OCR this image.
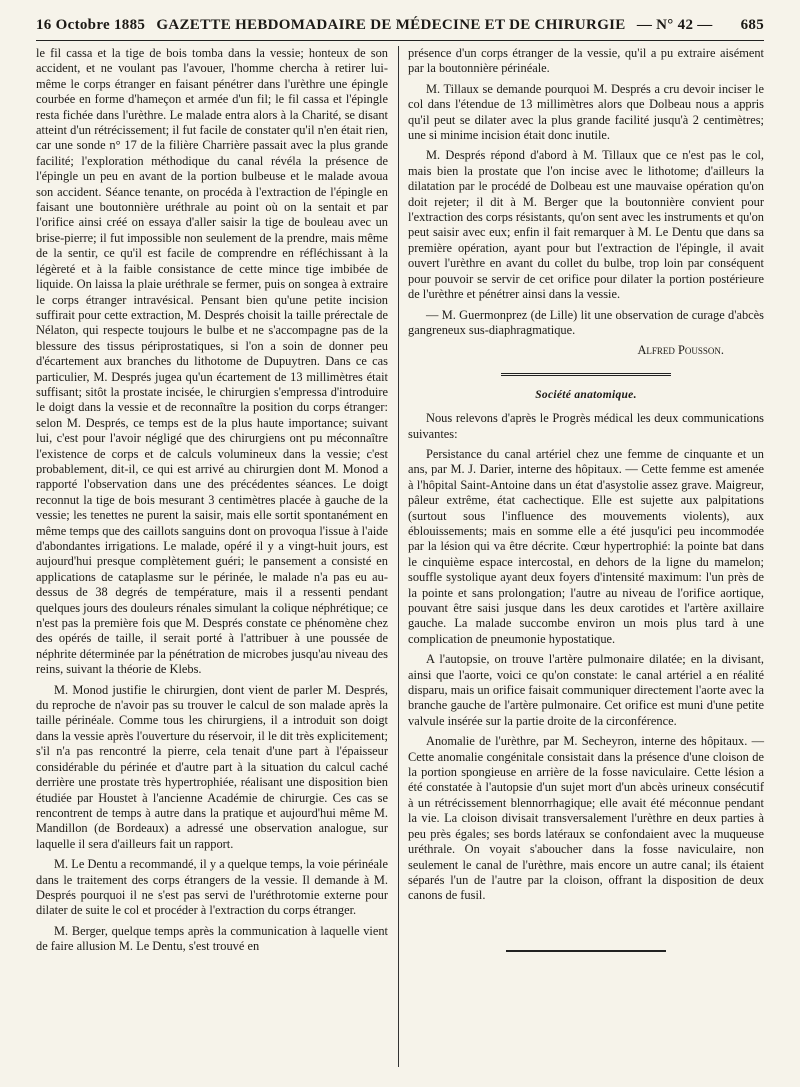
16 Octobre 1885 GAZETTE HEBDOMADAIRE DE MÉDECINE ET DE CHIRURGIE — N° 42 — 685

le fil cassa et la tige de bois tomba dans la vessie; honteux de son accident, et ne voulant pas l'avouer, l'homme chercha à retirer lui-même le corps étranger en faisant pénétrer dans l'urèthre une épingle courbée en forme d'hameçon et armée d'un fil; le fil cassa et l'épingle resta fichée dans l'urèthre. Le malade entra alors à la Charité, se disant atteint d'un rétrécissement; il fut facile de constater qu'il n'en était rien, car une sonde n° 17 de la filière Charrière passait avec la plus grande facilité; l'exploration méthodique du canal révéla la présence de l'épingle un peu en avant de la portion bulbeuse et le malade avoua son accident. Séance tenante, on procéda à l'extraction de l'épingle en faisant une boutonnière uréthrale au point où on la sentait et par l'orifice ainsi créé on essaya d'aller saisir la tige de bouleau avec un brise-pierre; il fut impossible non seulement de la prendre, mais même de la sentir, ce qu'il est facile de comprendre en réfléchissant à la légèreté et à la faible consistance de cette mince tige imbibée de liquide. On laissa la plaie uréthrale se fermer, puis on songea à extraire le corps étranger intravésical. Pensant bien qu'une petite incision suffirait pour cette extraction, M. Després choisit la taille prérectale de Nélaton, qui respecte toujours le bulbe et ne s'accompagne pas de la blessure des tissus périprostatiques, si l'on a soin de donner peu d'écartement aux branches du lithotome de Dupuytren. Dans ce cas particulier, M. Després jugea qu'un écartement de 13 millimètres était suffisant; sitôt la prostate incisée, le chirurgien s'empressa d'introduire le doigt dans la vessie et de reconnaître la position du corps étranger: selon M. Després, ce temps est de la plus haute importance; suivant lui, c'est pour l'avoir négligé que des chirurgiens ont pu méconnaître l'existence de corps et de calculs volumineux dans la vessie; c'est probablement, dit-il, ce qui est arrivé au chirurgien dont M. Monod a rapporté l'observation dans une des précédentes séances. Le doigt reconnut la tige de bois mesurant 3 centimètres placée à gauche de la vessie; les tenettes ne purent la saisir, mais elle sortit spontanément en même temps que des caillots sanguins dont on provoqua l'issue à l'aide d'abondantes irrigations. Le malade, opéré il y a vingt-huit jours, est aujourd'hui presque complètement guéri; le pansement a consisté en applications de cataplasme sur le périnée, le malade n'a pas eu au-dessus de 38 degrés de température, mais il a ressenti pendant quelques jours des douleurs rénales simulant la colique néphrétique; ce n'est pas la première fois que M. Després constate ce phénomène chez des opérés de taille, il serait porté à l'attribuer à une poussée de néphrite déterminée par la pénétration de microbes jusqu'au niveau des reins, suivant la théorie de Klebs.

M. Monod justifie le chirurgien, dont vient de parler M. Després, du reproche de n'avoir pas su trouver le calcul de son malade après la taille périnéale. Comme tous les chirurgiens, il a introduit son doigt dans la vessie après l'ouverture du réservoir, il le dit très explicitement; s'il n'a pas rencontré la pierre, cela tenait d'une part à l'épaisseur considérable du périnée et d'autre part à la situation du calcul caché derrière une prostate très hypertrophiée, réalisant une disposition bien étudiée par Houstet à l'ancienne Académie de chirurgie. Ces cas se rencontrent de temps à autre dans la pratique et aujourd'hui même M. Mandillon (de Bordeaux) a adressé une observation analogue, sur laquelle il sera d'ailleurs fait un rapport.

M. Le Dentu a recommandé, il y a quelque temps, la voie périnéale dans le traitement des corps étrangers de la vessie. Il demande à M. Després pourquoi il ne s'est pas servi de l'uréthrotomie externe pour dilater de suite le col et procéder à l'extraction du corps étranger.

M. Berger, quelque temps après la communication à laquelle vient de faire allusion M. Le Dentu, s'est trouvé en

présence d'un corps étranger de la vessie, qu'il a pu extraire aisément par la boutonnière périnéale.

M. Tillaux se demande pourquoi M. Després a cru devoir inciser le col dans l'étendue de 13 millimètres alors que Dolbeau nous a appris qu'il peut se dilater avec la plus grande facilité jusqu'à 2 centimètres; une si minime incision était donc inutile.

M. Després répond d'abord à M. Tillaux que ce n'est pas le col, mais bien la prostate que l'on incise avec le lithotome; d'ailleurs la dilatation par le procédé de Dolbeau est une mauvaise opération qu'on doit rejeter; il dit à M. Berger que la boutonnière convient pour l'extraction des corps résistants, qu'on sent avec les instruments et qu'on peut saisir avec eux; enfin il fait remarquer à M. Le Dentu que dans sa première opération, ayant pour but l'extraction de l'épingle, il avait ouvert l'urèthre en avant du collet du bulbe, trop loin par conséquent pour pouvoir se servir de cet orifice pour dilater la portion postérieure de l'urèthre et pénétrer ainsi dans la vessie.

— M. Guermonprez (de Lille) lit une observation de curage d'abcès gangreneux sus-diaphragmatique.

Alfred Pousson.
Société anatomique.

Nous relevons d'après le Progrès médical les deux communications suivantes:

Persistance du canal artériel chez une femme de cinquante et un ans, par M. J. Darier, interne des hôpitaux. — Cette femme est amenée à l'hôpital Saint-Antoine dans un état d'asystolie assez grave. Maigreur, pâleur extrême, état cachectique. Elle est sujette aux palpitations (surtout sous l'influence des mouvements violents), aux éblouissements; mais en somme elle a été jusqu'ici peu incommodée par la lésion qui va être décrite. Cœur hypertrophié: la pointe bat dans le cinquième espace intercostal, en dehors de la ligne du mamelon; souffle systolique ayant deux foyers d'intensité maximum: l'un près de la pointe et sans prolongation; l'autre au niveau de l'orifice aortique, pouvant être saisi jusque dans les deux carotides et l'artère axillaire gauche. La malade succombe environ un mois plus tard à une complication de pneumonie hypostatique.

A l'autopsie, on trouve l'artère pulmonaire dilatée; en la divisant, ainsi que l'aorte, voici ce qu'on constate: le canal artériel a en réalité disparu, mais un orifice faisait communiquer directement l'aorte avec la branche gauche de l'artère pulmonaire. Cet orifice est muni d'une petite valvule insérée sur la partie droite de la circonférence.

Anomalie de l'urèthre, par M. Secheyron, interne des hôpitaux. — Cette anomalie congénitale consistait dans la présence d'une cloison de la portion spongieuse en arrière de la fosse naviculaire. Cette lésion a été constatée à l'autopsie d'un sujet mort d'un abcès urineux consécutif à un rétrécissement blennorrhagique; elle avait été méconnue pendant la vie. La cloison divisait transversalement l'urèthre en deux parties à peu près égales; ses bords latéraux se confondaient avec la muqueuse uréthrale. On voyait s'aboucher dans la fosse naviculaire, non seulement le canal de l'urèthre, mais encore un autre canal; ils étaient séparés l'un de l'autre par la cloison, offrant la disposition de deux canons de fusil.
